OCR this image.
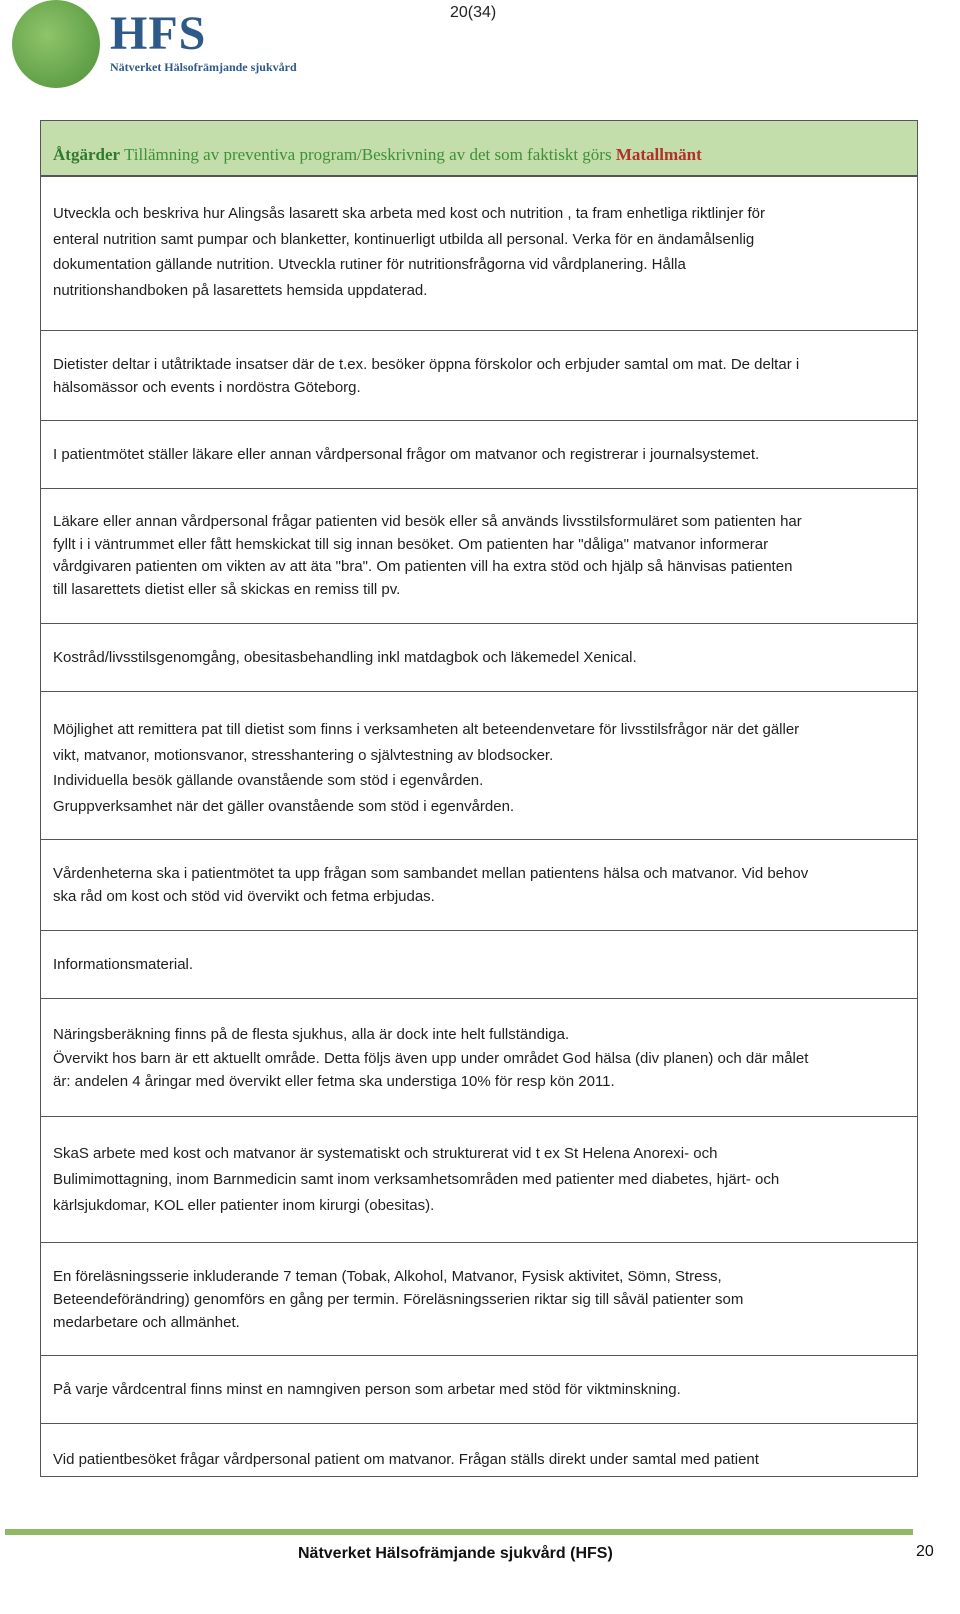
HFS
Nätverket Hälsofrämjande sjukvård
20(34)
Åtgärder Tillämning av preventiva program/Beskrivning av det som faktiskt görs Matallmänt
Utveckla och beskriva hur Alingsås lasarett ska arbeta med kost och nutrition , ta fram enhetliga riktlinjer för
enteral nutrition samt pumpar och blanketter, kontinuerligt utbilda all personal. Verka för en ändamålsenlig
dokumentation gällande nutrition. Utveckla rutiner för nutritionsfrågorna vid vårdplanering. Hålla
nutritionshandboken på lasarettets hemsida uppdaterad.
Dietister deltar i utåtriktade insatser där de t.ex. besöker öppna förskolor och erbjuder samtal om mat. De deltar i
hälsomässor och events i nordöstra Göteborg.
I patientmötet ställer läkare eller annan vårdpersonal frågor om matvanor och registrerar i journalsystemet.
Läkare eller annan vårdpersonal frågar patienten vid besök eller så används livsstilsformuläret som patienten har
fyllt i i väntrummet eller fått hemskickat till sig innan besöket. Om patienten har "dåliga" matvanor informerar
vårdgivaren patienten om vikten av att äta "bra". Om patienten vill ha extra stöd och hjälp så hänvisas patienten
till lasarettets dietist eller så skickas en remiss till pv.
Kostråd/livsstilsgenomgång, obesitasbehandling inkl matdagbok och läkemedel Xenical.
Möjlighet att remittera pat till dietist som finns i verksamheten alt beteendenvetare för livsstilsfrågor när det gäller
vikt, matvanor, motionsvanor, stresshantering o självtestning av blodsocker.
Individuella besök gällande ovanstående som stöd i egenvården.
Gruppverksamhet när det gäller ovanstående som stöd i egenvården.
Vårdenheterna ska i patientmötet ta upp frågan som sambandet mellan patientens hälsa och matvanor. Vid behov
ska råd om kost och stöd vid övervikt och fetma erbjudas.
Informationsmaterial.
Näringsberäkning finns på de flesta sjukhus, alla är dock inte helt fullständiga.
Övervikt hos barn är ett aktuellt område. Detta följs även upp under området God hälsa (div planen) och där målet
är: andelen 4 åringar med övervikt eller fetma ska understiga 10% för resp kön 2011.
SkaS arbete med kost och matvanor är systematiskt och strukturerat vid t ex St Helena Anorexi- och
Bulimimottagning, inom Barnmedicin samt inom verksamhetsområden med patienter med diabetes, hjärt- och
kärlsjukdomar, KOL eller patienter inom kirurgi (obesitas).
En föreläsningsserie inkluderande 7 teman (Tobak, Alkohol, Matvanor, Fysisk aktivitet, Sömn, Stress,
Beteendeförändring) genomförs en gång per termin. Föreläsningsserien riktar sig till såväl patienter som
medarbetare och allmänhet.
På varje vårdcentral finns minst en namngiven person som arbetar med stöd för viktminskning.
Vid patientbesöket frågar vårdpersonal patient om matvanor. Frågan ställs direkt under samtal med patient
Nätverket Hälsofrämjande sjukvård (HFS)	20
